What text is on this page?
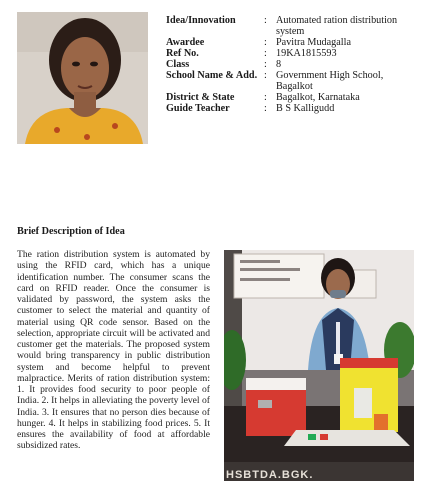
Idea/Innovation	: Automated ration distribution system
Awardee	: Pavitra Mudagalla
Ref No.	: 19KA1815593
Class	: 8
School Name & Add. : Government High School, Bagalkot
District & State	: Bagalkot, Karnataka
Guide Teacher	: B S Kalligudd
Brief Description of Idea
The ration distribution system is automated by using the RFID card, which has a unique identification number. The consumer scans the card on RFID reader. Once the consumer is validated by password, the system asks the customer to select the material and quantity of material using QR code sensor. Based on the selection, appropriate circuit will be activated and customer get the materials. The proposed system would bring transparency in public distribution system and become helpful to prevent malpractice. Merits of ration distribution system: 1. It provides food security to poor people of India. 2. It helps in alleviating the poverty level of India. 3. It ensures that no person dies because of hunger. 4. It helps in stabilizing food prices. 5. It ensures the availability of food at affordable subsidized rates.
HSBTDA.BGK.
